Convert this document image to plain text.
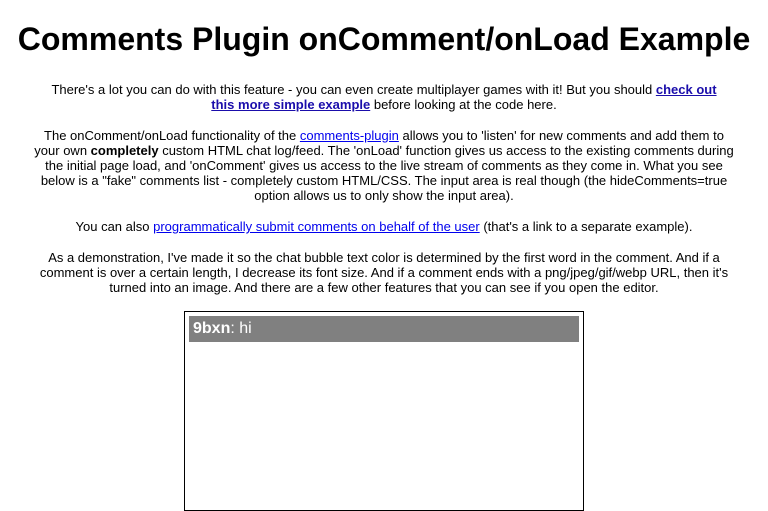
Comments Plugin onComment/onLoad Example

There's a lot you can do with this feature - you can even create multiplayer games with it! But you should check out this more simple example before looking at the code here.

The onComment/onLoad functionality of the comments-plugin allows you to 'listen' for new comments and add them to your own completely custom HTML chat log/feed. The 'onLoad' function gives us access to the existing comments during the initial page load, and 'onComment' gives us access to the live stream of comments as they come in. What you see below is a "fake" comments list - completely custom HTML/CSS. The input area is real though (the hideComments=true option allows us to only show the input area).

You can also programmatically submit comments on behalf of the user (that's a link to a separate example).

As a demonstration, I've made it so the chat bubble text color is determined by the first word in the comment. And if a comment is over a certain length, I decrease its font size. And if a comment ends with a png/jpeg/gif/webp URL, then it's turned into an image. And there are a few other features that you can see if you open the editor.

9bxn: hi
